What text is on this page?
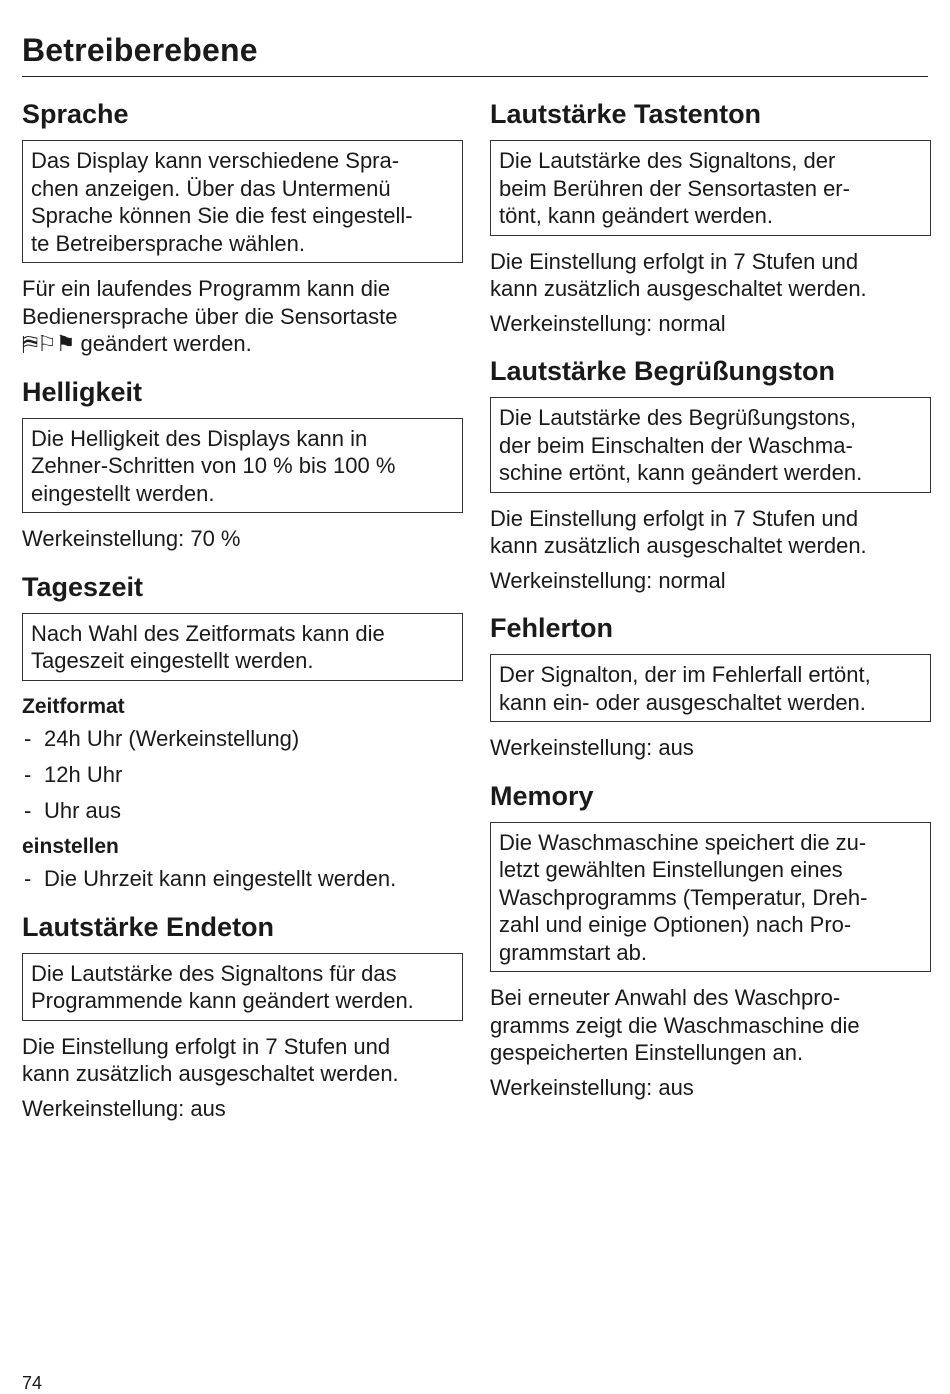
Betreiberebene
Sprache
Das Display kann verschiedene Spra-
chen anzeigen. Über das Untermenü
Sprache können Sie die fest eingestell-
te Betreibersprache wählen.
Für ein laufendes Programm kann die
Bedienersprache über die Sensortaste
⛿⚐⚑ geändert werden.
Helligkeit
Die Helligkeit des Displays kann in
Zehner-Schritten von 10 % bis 100 %
eingestellt werden.
Werkeinstellung: 70 %
Tageszeit
Nach Wahl des Zeitformats kann die
Tageszeit eingestellt werden.
Zeitformat
- 24h Uhr (Werkeinstellung)
- 12h Uhr
- Uhr aus
einstellen
- Die Uhrzeit kann eingestellt werden.
Lautstärke Endeton
Die Lautstärke des Signaltons für das
Programmende kann geändert werden.
Die Einstellung erfolgt in 7 Stufen und
kann zusätzlich ausgeschaltet werden.
Werkeinstellung: aus
Lautstärke Tastenton
Die Lautstärke des Signaltons, der
beim Berühren der Sensortasten er-
tönt, kann geändert werden.
Die Einstellung erfolgt in 7 Stufen und
kann zusätzlich ausgeschaltet werden.
Werkeinstellung: normal
Lautstärke Begrüßungston
Die Lautstärke des Begrüßungstons,
der beim Einschalten der Waschma-
schine ertönt, kann geändert werden.
Die Einstellung erfolgt in 7 Stufen und
kann zusätzlich ausgeschaltet werden.
Werkeinstellung: normal
Fehlerton
Der Signalton, der im Fehlerfall ertönt,
kann ein- oder ausgeschaltet werden.
Werkeinstellung: aus
Memory
Die Waschmaschine speichert die zu-
letzt gewählten Einstellungen eines
Waschprogramms (Temperatur, Dreh-
zahl und einige Optionen) nach Pro-
grammstart ab.
Bei erneuter Anwahl des Waschpro-
gramms zeigt die Waschmaschine die
gespeicherten Einstellungen an.
Werkeinstellung: aus
74
